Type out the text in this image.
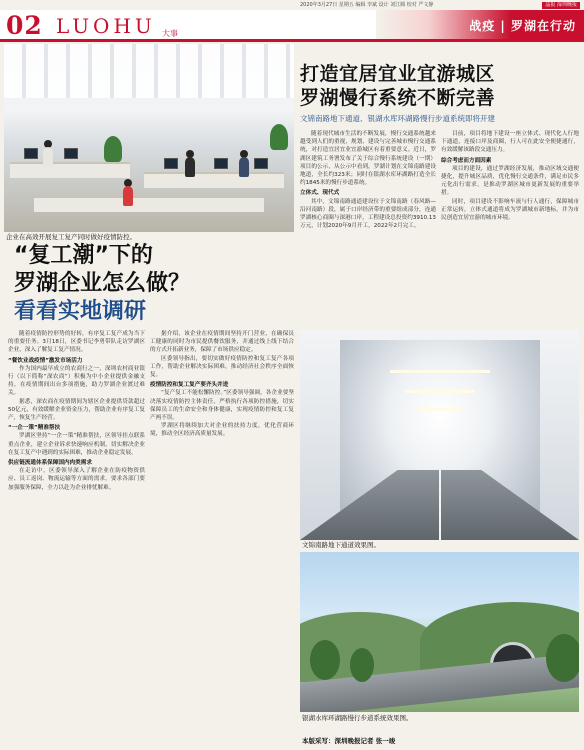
2020年3月27日 星期五 编辑 李斌 设计 刘江腾 校对 严文静	晶报 深圳晚报
02 LUOHU 大事
战疫 | 罗湖在行动
企业在高效开展复工复产同时做好疫情防控。
打造宜居宜业宜游城区
罗湖慢行系统不断完善
文锦南路地下通道、银湖水库环湖路慢行步道系统即将开建

随着现代城市生活的不断发展，慢行交通系统越来越受到人们的重视，规划、建设与完善城市慢行交通系统，对打造宜居宜业宜游城区有着重要意义。近日，罗湖区建筑工务署发布了关于综合慢行系统建设（一期）项目的公示，从公示中看到，罗湖计划在文锦南路建设地道，全长约323米；同时在银湖水库环湖路打造全长约1845米的慢行步道系统。

立体式、现代式

其中，文锦南路通道建设位于文锦南路（春风路—沿河南路）段，属于口岸经济带的重要组成部分，连通罗湖核心商圈与深港口岸，工程建设总投资约3910.13万元，计划2020年9月开工，2022年2月完工。

目前，项目将地下建设一座立体式、现代化人行地下通道，连接口岸及商圈，行人可在此安全便捷通行，有效缓解该路段交通压力。

综合考虑而方面因素

项目的建设，通过罗湖经济发展，推动区域交通便捷化，提升城区品质，优化慢行交通条件，满足市民多元化出行需求，是推动罗湖区城市更新发展的重要举措。

同时，项目建设不影响车流与行人通行，保障城市正常运转，立体式通道将成为罗湖城市新地标，并为市民创造宜居宜游的城市环境。

“复工潮”下的
罗湖企业怎么做？
看看实地调研

随着疫情防控形势的好转，有序复工复产成为当下的重要任务。3月18日，区委书记李勇带队走访罗湖区企业，深入了解复工复产情况。

“餐饮业战疫情”激发市场活力

作为国内最早成立的农商行之一，深圳农村商业银行（以下简称“深农商”）积极为中小企业提供金融支持，在疫情期间出台多项措施，助力罗湖企业渡过难关。

据悉，深农商在疫情期间为辖区企业提供贷款超过50亿元，有效缓解企业资金压力，帮助企业有序复工复产，恢复生产经营。

“一企一策”精准帮扶

罗湖区坚持“一企一策”精准帮扶，区领导挂点联系重点企业，建立企业诉求快速响应机制，切实解决企业在复工复产中遇到的实际困难，推动企业稳定发展。

供应链流通体系保障国内肉类需求

在走访中，区委领导深入了解企业在防疫物资供应、员工返岗、物流运输等方面的需求，要求各部门要加强服务保障，全力以赴为企业排忧解难。

据介绍，该企业在疫情期间坚持开门营业，在确保员工健康的同时为市民提供餐饮服务，并通过线上线下结合的方式开拓新业务，保障了市场供应稳定。

区委领导指出，要切实做好疫情防控和复工复产各项工作，帮助企业解决实际困难，推动经济社会秩序全面恢复。

疫情防控和复工复产要齐头并进

“复产复工不能松懈防控。”区委领导强调，各企业要坚决落实疫情防控主体责任，严格执行各项防控措施，切实保障员工的生命安全和身体健康，实现疫情防控和复工复产两不误。

罗湖区将继续加大对企业的扶持力度，优化营商环境，推动全区经济高质量发展。

文锦南路地下通道效果图。
银湖水库环湖路慢行步道系统效果图。
本版采写：深圳晚报记者 张一竣
